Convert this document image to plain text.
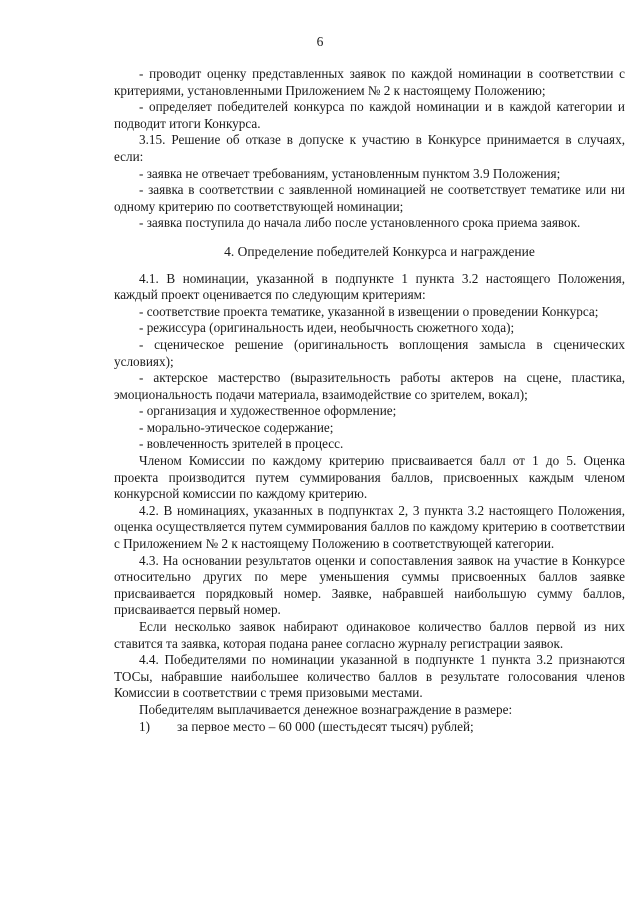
6

- проводит оценку представленных заявок по каждой номинации в соответствии с критериями, установленными Приложением № 2 к настоящему Положению;

- определяет победителей конкурса по каждой номинации и в каждой категории и подводит итоги Конкурса.

3.15. Решение об отказе в допуске к участию в Конкурсе принимается в случаях, если:

- заявка не отвечает требованиям, установленным пунктом 3.9 Положения;

- заявка в соответствии с заявленной номинацией не соответствует тематике или ни одному критерию по соответствующей номинации;

- заявка поступила до начала либо после установленного срока приема заявок.

4. Определение победителей Конкурса и награждение

4.1. В номинации, указанной в подпункте 1 пункта 3.2 настоящего Положения, каждый проект оценивается по следующим критериям:

- соответствие проекта тематике, указанной в извещении о проведении Конкурса;

- режиссура (оригинальность идеи, необычность сюжетного хода);

- сценическое решение (оригинальность воплощения замысла в сценических условиях);

- актерское мастерство (выразительность работы актеров на сцене, пластика, эмоциональность подачи материала, взаимодействие со зрителем, вокал);

- организация и художественное оформление;

- морально-этическое содержание;

- вовлеченность зрителей в процесс.

Членом Комиссии по каждому критерию присваивается балл от 1 до 5. Оценка проекта производится путем суммирования баллов, присвоенных каждым членом конкурсной комиссии по каждому критерию.

4.2. В номинациях, указанных в подпунктах 2, 3 пункта 3.2 настоящего Положения, оценка осуществляется путем суммирования баллов по каждому критерию в соответствии с Приложением № 2 к настоящему Положению в соответствующей категории.

4.3. На основании результатов оценки и сопоставления заявок на участие в Конкурсе относительно других по мере уменьшения суммы присвоенных баллов заявке присваивается порядковый номер. Заявке, набравшей наибольшую сумму баллов, присваивается первый номер.

Если несколько заявок набирают одинаковое количество баллов первой из них ставится та заявка, которая подана ранее согласно журналу регистрации заявок.

4.4. Победителями по номинации указанной в подпункте 1 пункта 3.2 признаются ТОСы, набравшие наибольшее количество баллов в результате голосования членов Комиссии в соответствии с тремя призовыми местами.

Победителям выплачивается денежное вознаграждение в размере:

1)	за первое место – 60 000 (шестьдесят тысяч) рублей;
